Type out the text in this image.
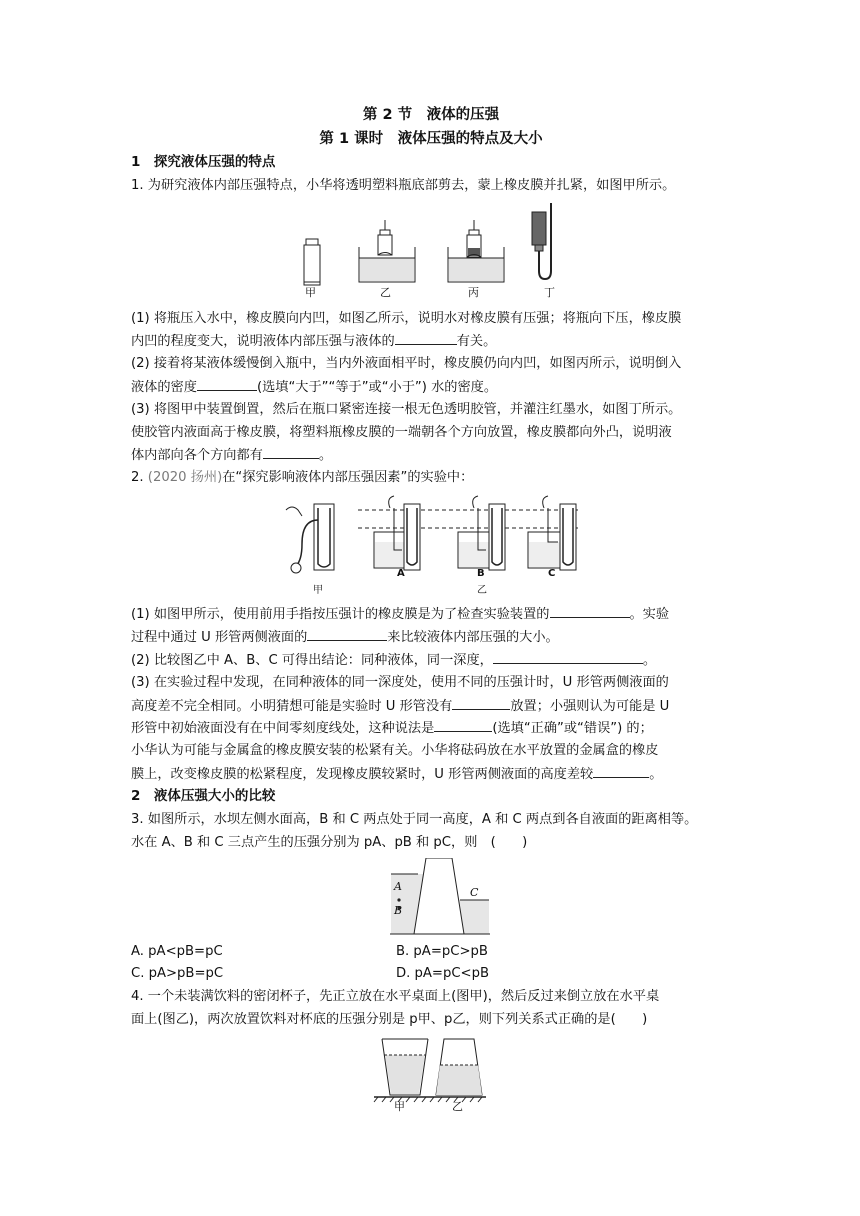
第 2 节　液体的压强
第 1 课时　液体压强的特点及大小
1　探究液体压强的特点
1. 为研究液体内部压强特点，小华将透明塑料瓶底部剪去，蒙上橡皮膜并扎紧，如图甲所示。
甲	乙	丙	丁
(1) 将瓶压入水中，橡皮膜向内凹，如图乙所示，说明水对橡皮膜有压强；将瓶向下压，橡皮膜
内凹的程度变大，说明液体内部压强与液体的	有关。
(2) 接着将某液体缓慢倒入瓶中，当内外液面相平时，橡皮膜仍向内凹，如图丙所示，说明倒入
液体的密度	(选填“大于”“等于”或“小于”) 水的密度。
(3) 将图甲中装置倒置，然后在瓶口紧密连接一根无色透明胶管，并灌注红墨水，如图丁所示。
使胶管内液面高于橡皮膜，将塑料瓶橡皮膜的一端朝各个方向放置，橡皮膜都向外凸，说明液
体内部向各个方向都有	。
2. (2020 扬州)在“探究影响液体内部压强因素”的实验中：
甲
A	B	C
乙
(1) 如图甲所示，使用前用手指按压强计的橡皮膜是为了检查实验装置的	。实验
过程中通过 U 形管两侧液面的	来比较液体内部压强的大小。
(2) 比较图乙中 A、B、C 可得出结论：同种液体，同一深度，	。
(3) 在实验过程中发现，在同种液体的同一深度处，使用不同的压强计时，U 形管两侧液面的
高度差不完全相同。小明猜想可能是实验时 U 形管没有	放置；小强则认为可能是 U
形管中初始液面没有在中间零刻度线处，这种说法是	(选填“正确”或“错误”) 的；
小华认为可能与金属盒的橡皮膜安装的松紧有关。小华将砝码放在水平放置的金属盒的橡皮
膜上，改变橡皮膜的松紧程度，发现橡皮膜较紧时，U 形管两侧液面的高度差较	。
2　液体压强大小的比较
3. 如图所示，水坝左侧水面高，B 和 C 两点处于同一高度，A 和 C 两点到各自液面的距离相等。
水在 A、B 和 C 三点产生的压强分别为 pA、pB 和 pC，则　(　　)
A
B
C
A. pA<pB=pC	B. pA=pC>pB
C. pA>pB=pC	D. pA=pC<pB
4. 一个未装满饮料的密闭杯子，先正立放在水平桌面上(图甲)，然后反过来倒立放在水平桌
面上(图乙)，两次放置饮料对杯底的压强分别是 p甲、p乙，则下列关系式正确的是(　　)
甲	乙
